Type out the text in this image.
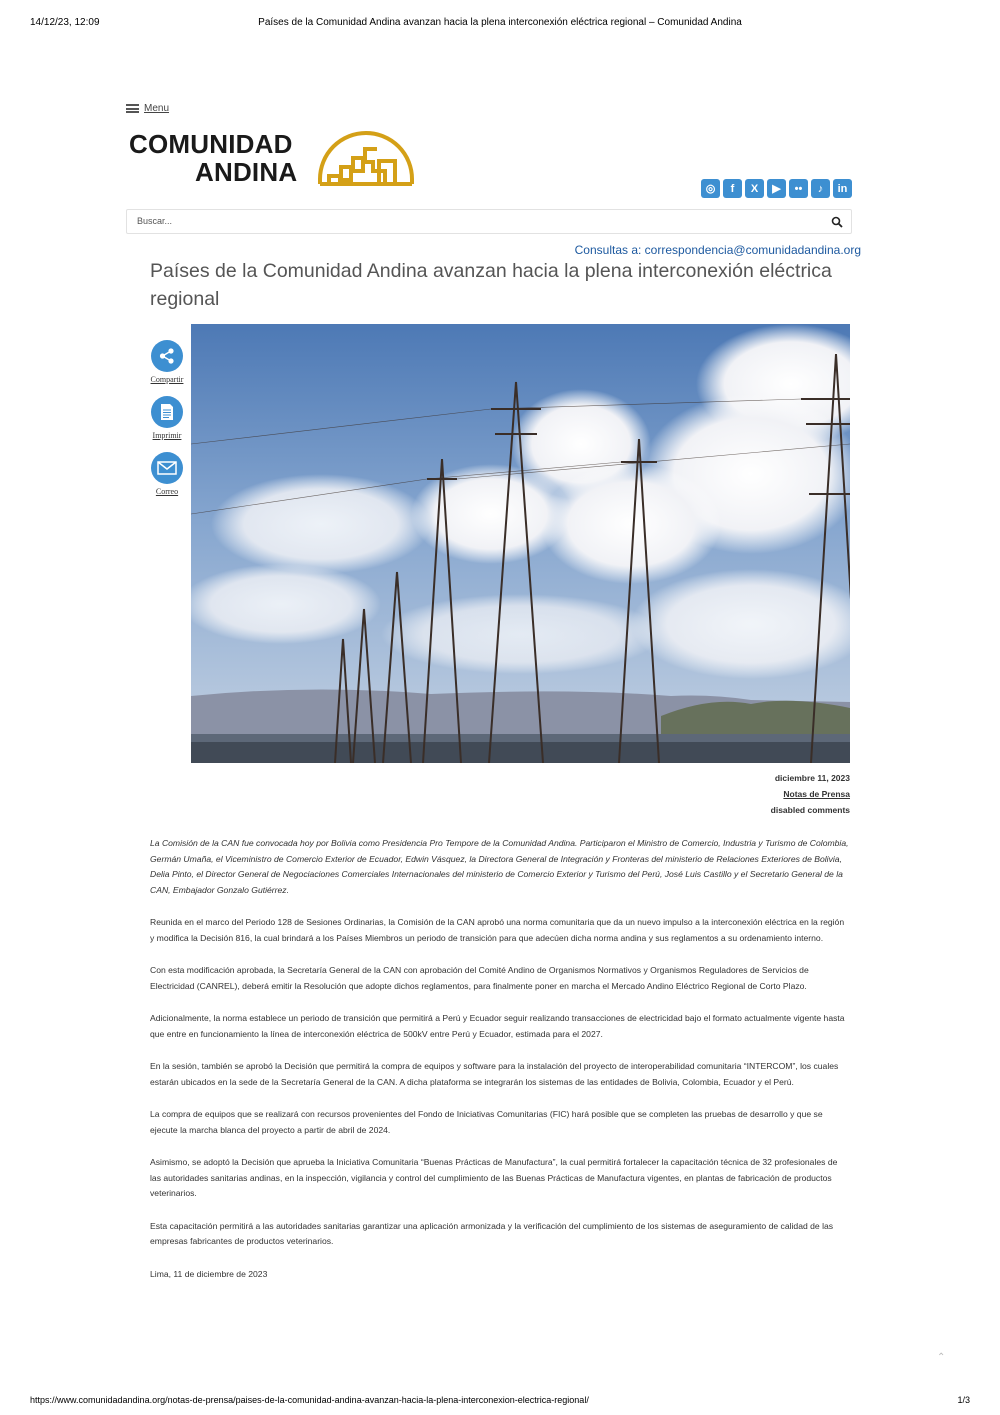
14/12/23, 12:09	Países de la Comunidad Andina avanzan hacia la plena interconexión eléctrica regional – Comunidad Andina
Menu
COMUNIDAD
ANDINA
◎	f	X	▶	••	♪	in
Buscar...
Consultas a: correspondencia@comunidadandina.org
Países de la Comunidad Andina avanzan hacia la plena interconexión eléctrica regional
Compartir
Imprimir
Correo
diciembre 11, 2023
Notas de Prensa
disabled comments

La Comisión de la CAN fue convocada hoy por Bolivia como Presidencia Pro Tempore de la Comunidad Andina. Participaron el Ministro de Comercio, Industria y Turismo de Colombia, Germán Umaña, el Viceministro de Comercio Exterior de Ecuador, Edwin Vásquez, la Directora General de Integración y Fronteras del ministerio de Relaciones Exteriores de Bolivia, Delia Pinto, el Director General de Negociaciones Comerciales Internacionales del ministerio de Comercio Exterior y Turismo del Perú, José Luis Castillo y el Secretario General de la CAN, Embajador Gonzalo Gutiérrez.

Reunida en el marco del Periodo 128 de Sesiones Ordinarias, la Comisión de la CAN aprobó una norma comunitaria que da un nuevo impulso a la interconexión eléctrica en la región y modifica la Decisión 816, la cual brindará a los Países Miembros un periodo de transición para que adecúen dicha norma andina y sus reglamentos a su ordenamiento interno.

Con esta modificación aprobada, la Secretaría General de la CAN con aprobación del Comité Andino de Organismos Normativos y Organismos Reguladores de Servicios de Electricidad (CANREL), deberá emitir la Resolución que adopte dichos reglamentos, para finalmente poner en marcha el Mercado Andino Eléctrico Regional de Corto Plazo.

Adicionalmente, la norma establece un periodo de transición que permitirá a Perú y Ecuador seguir realizando transacciones de electricidad bajo el formato actualmente vigente hasta que entre en funcionamiento la línea de interconexión eléctrica de 500kV entre Perú y Ecuador, estimada para el 2027.

En la sesión, también se aprobó la Decisión que permitirá la compra de equipos y software para la instalación del proyecto de interoperabilidad comunitaria “INTERCOM”, los cuales estarán ubicados en la sede de la Secretaría General de la CAN. A dicha plataforma se integrarán los sistemas de las entidades de Bolivia, Colombia, Ecuador y el Perú.

La compra de equipos que se realizará con recursos provenientes del Fondo de Iniciativas Comunitarias (FIC) hará posible que se completen las pruebas de desarrollo y que se ejecute la marcha blanca del proyecto a partir de abril de 2024.

Asimismo, se adoptó la Decisión que aprueba la Iniciativa Comunitaria “Buenas Prácticas de Manufactura”, la cual permitirá fortalecer la capacitación técnica de 32 profesionales de las autoridades sanitarias andinas, en la inspección, vigilancia y control del cumplimiento de las Buenas Prácticas de Manufactura vigentes, en plantas de fabricación de productos veterinarios.

Esta capacitación permitirá a las autoridades sanitarias garantizar una aplicación armonizada y la verificación del cumplimiento de los sistemas de aseguramiento de calidad de las empresas fabricantes de productos veterinarios.

Lima, 11 de diciembre de 2023

⌃
https://www.comunidadandina.org/notas-de-prensa/paises-de-la-comunidad-andina-avanzan-hacia-la-plena-interconexion-electrica-regional/	1/3
